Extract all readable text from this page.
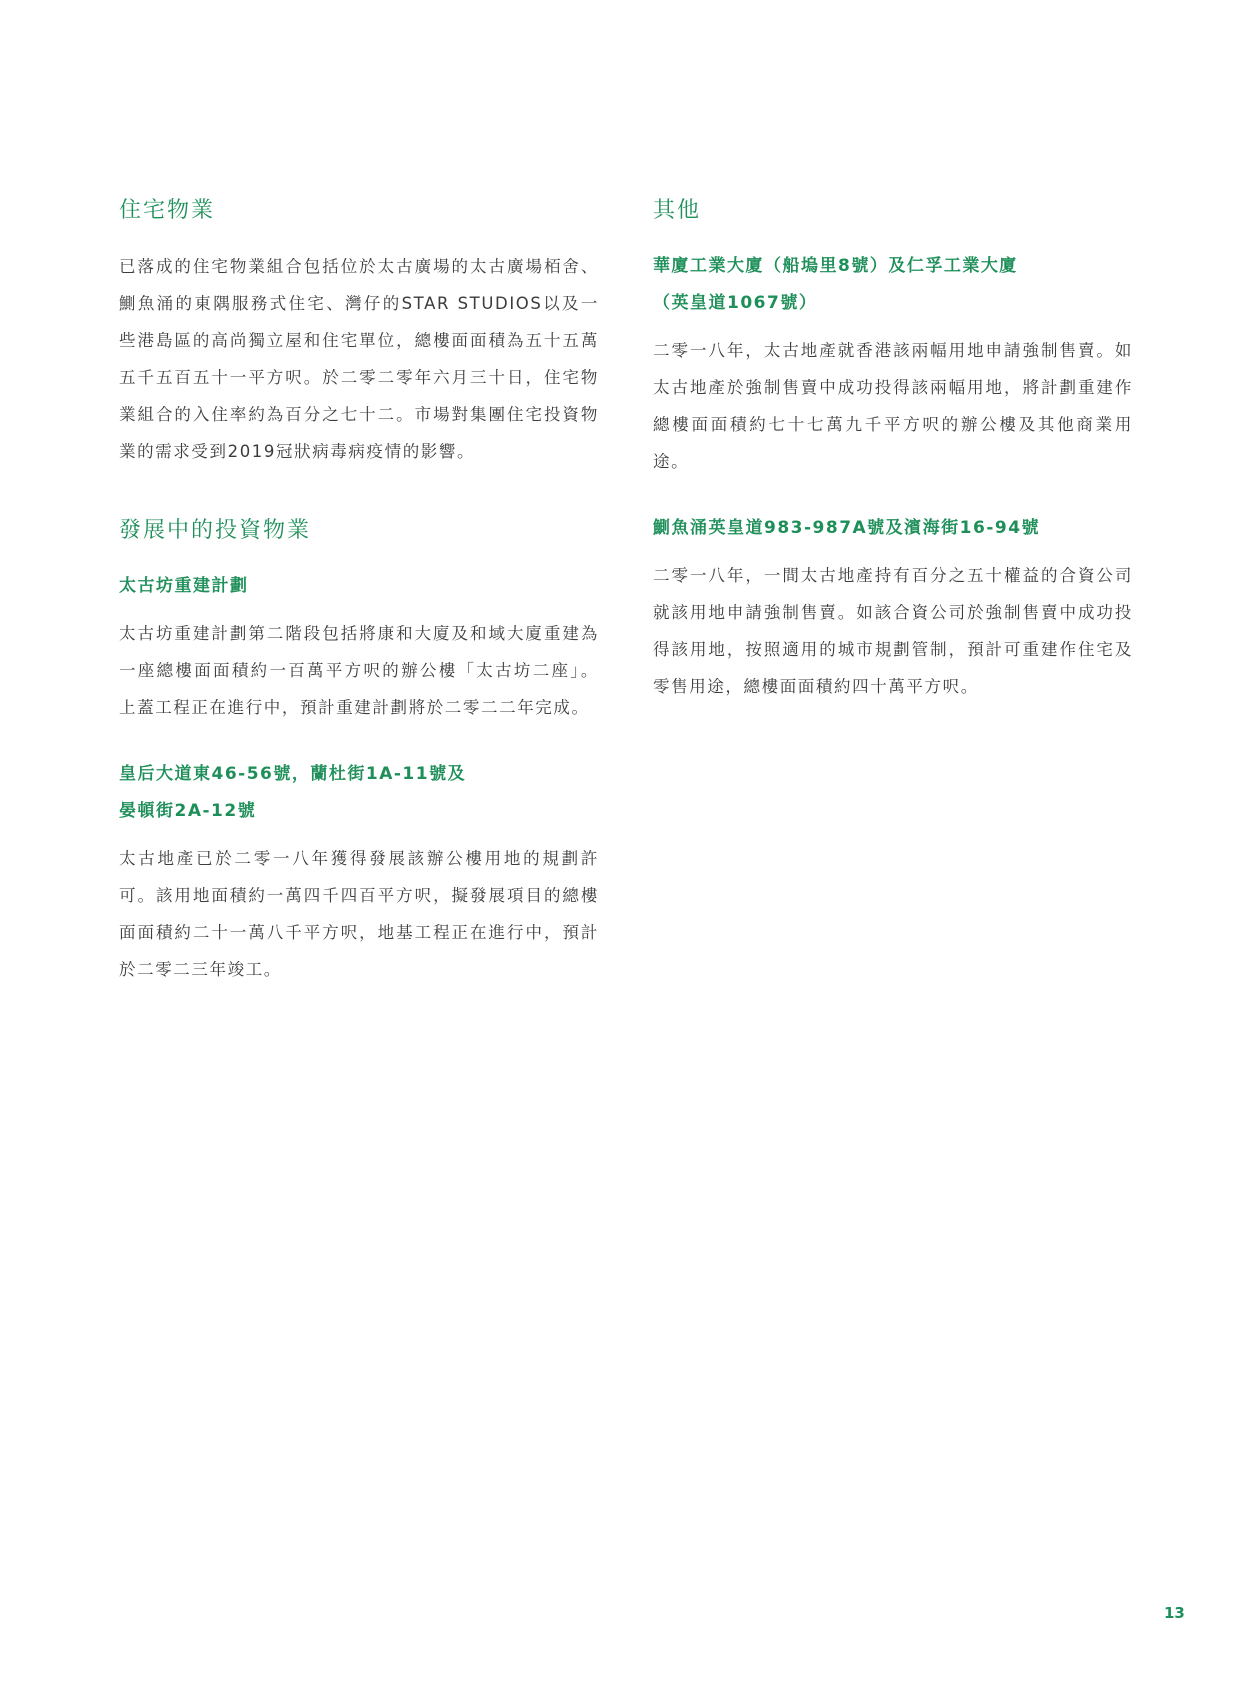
住宅物業

已落成的住宅物業組合包括位於太古廣場的太古廣場栢舍、鰂魚涌的東隅服務式住宅、灣仔的STAR STUDIOS以及一些港島區的高尚獨立屋和住宅單位，總樓面面積為五十五萬五千五百五十一平方呎。於二零二零年六月三十日，住宅物業組合的入住率約為百分之七十二。市場對集團住宅投資物業的需求受到2019冠狀病毒病疫情的影響。

發展中的投資物業
太古坊重建計劃

太古坊重建計劃第二階段包括將康和大廈及和域大廈重建為一座總樓面面積約一百萬平方呎的辦公樓「太古坊二座」。上蓋工程正在進行中，預計重建計劃將於二零二二年完成。

皇后大道東46-56號，蘭杜街1A-11號及
晏頓街2A-12號

太古地產已於二零一八年獲得發展該辦公樓用地的規劃許可。該用地面積約一萬四千四百平方呎，擬發展項目的總樓面面積約二十一萬八千平方呎，地基工程正在進行中，預計於二零二三年竣工。

其他
華廈工業大廈（船塢里8號）及仁孚工業大廈
（英皇道1067號）

二零一八年，太古地產就香港該兩幅用地申請強制售賣。如太古地產於強制售賣中成功投得該兩幅用地，將計劃重建作總樓面面積約七十七萬九千平方呎的辦公樓及其他商業用途。

鰂魚涌英皇道983-987A號及濱海街16-94號

二零一八年，一間太古地產持有百分之五十權益的合資公司就該用地申請強制售賣。如該合資公司於強制售賣中成功投得該用地，按照適用的城市規劃管制，預計可重建作住宅及零售用途，總樓面面積約四十萬平方呎。

13
